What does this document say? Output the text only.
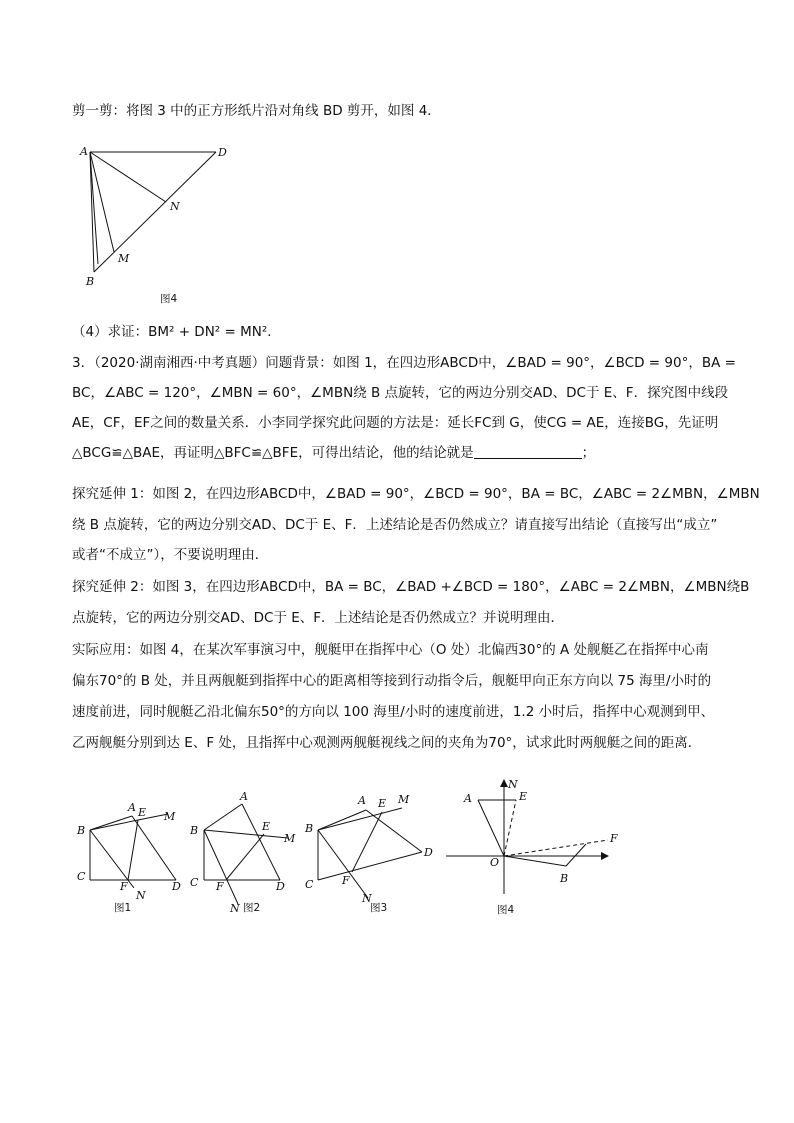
剪一剪：将图 3 中的正方形纸片沿对角线 BD 剪开，如图 4．
A	D
N
M
B
图4
（4）求证：BM² + DN² = MN²．
3．（2020·湖南湘西·中考真题）问题背景：如图 1，在四边形ABCD中，∠BAD = 90°，∠BCD = 90°，BA =
BC，∠ABC = 120°，∠MBN = 60°，∠MBN绕 B 点旋转，它的两边分别交AD、DC于 E、F．探究图中线段
AE，CF，EF之间的数量关系．小李同学探究此问题的方法是：延长FC到 G，使CG = AE，连接BG，先证明
△BCG≌△BAE，再证明△BFC≌△BFE，可得出结论，他的结论就是	；
探究延伸 1：如图 2，在四边形ABCD中，∠BAD = 90°，∠BCD = 90°，BA = BC，∠ABC = 2∠MBN，∠MBN
绕 B 点旋转，它的两边分别交AD、DC于 E、F．上述结论是否仍然成立？请直接写出结论（直接写出“成立”
或者“不成立”），不要说明理由．
探究延伸 2：如图 3，在四边形ABCD中，BA = BC，∠BAD +∠BCD = 180°，∠ABC = 2∠MBN，∠MBN绕B
点旋转，它的两边分别交AD、DC于 E、F．上述结论是否仍然成立？并说明理由．
实际应用：如图 4，在某次军事演习中，舰艇甲在指挥中心（O 处）北偏西30°的 A 处舰艇乙在指挥中心南
偏东70°的 B 处，并且两舰艇到指挥中心的距离相等接到行动指令后，舰艇甲向正东方向以 75 海里/小时的
速度前进，同时舰艇乙沿北偏东50°的方向以 100 海里/小时的速度前进，1.2 小时后，指挥中心观测到甲、
乙两舰艇分别到达 E、F 处，且指挥中心观测两舰艇视线之间的夹角为70°，试求此时两舰艇之间的距离．
A E M
B
C
F
N
D
图1
A
B	E
M
C F	D
N 图2
A E M
B
D
C	F
N
图3
N
A	E
F
O
B
图4
